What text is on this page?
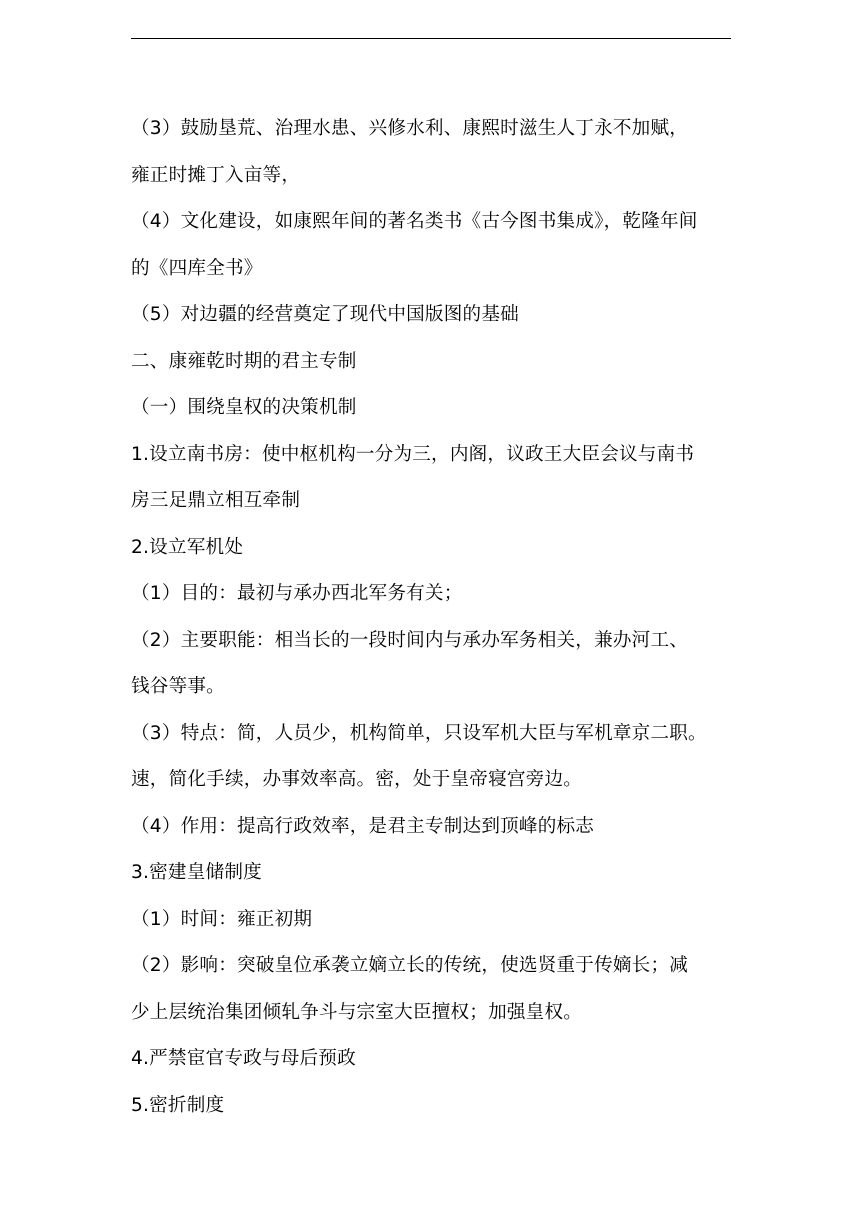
（3）鼓励垦荒、治理水患、兴修水利、康熙时滋生人丁永不加赋，
雍正时摊丁入亩等，
（4）文化建设，如康熙年间的著名类书《古今图书集成》，乾隆年间
的《四库全书》
（5）对边疆的经营奠定了现代中国版图的基础
二、康雍乾时期的君主专制
（一）围绕皇权的决策机制
1.设立南书房：使中枢机构一分为三，内阁，议政王大臣会议与南书
房三足鼎立相互牵制
2.设立军机处
（1）目的：最初与承办西北军务有关；
（2）主要职能：相当长的一段时间内与承办军务相关，兼办河工、
钱谷等事。
（3）特点：简，人员少，机构简单，只设军机大臣与军机章京二职。
速，简化手续，办事效率高。密，处于皇帝寝宫旁边。
（4）作用：提高行政效率，是君主专制达到顶峰的标志
3.密建皇储制度
（1）时间：雍正初期
（2）影响：突破皇位承袭立嫡立长的传统，使选贤重于传嫡长；减
少上层统治集团倾轧争斗与宗室大臣擅权；加强皇权。
4.严禁宦官专政与母后预政
5.密折制度
